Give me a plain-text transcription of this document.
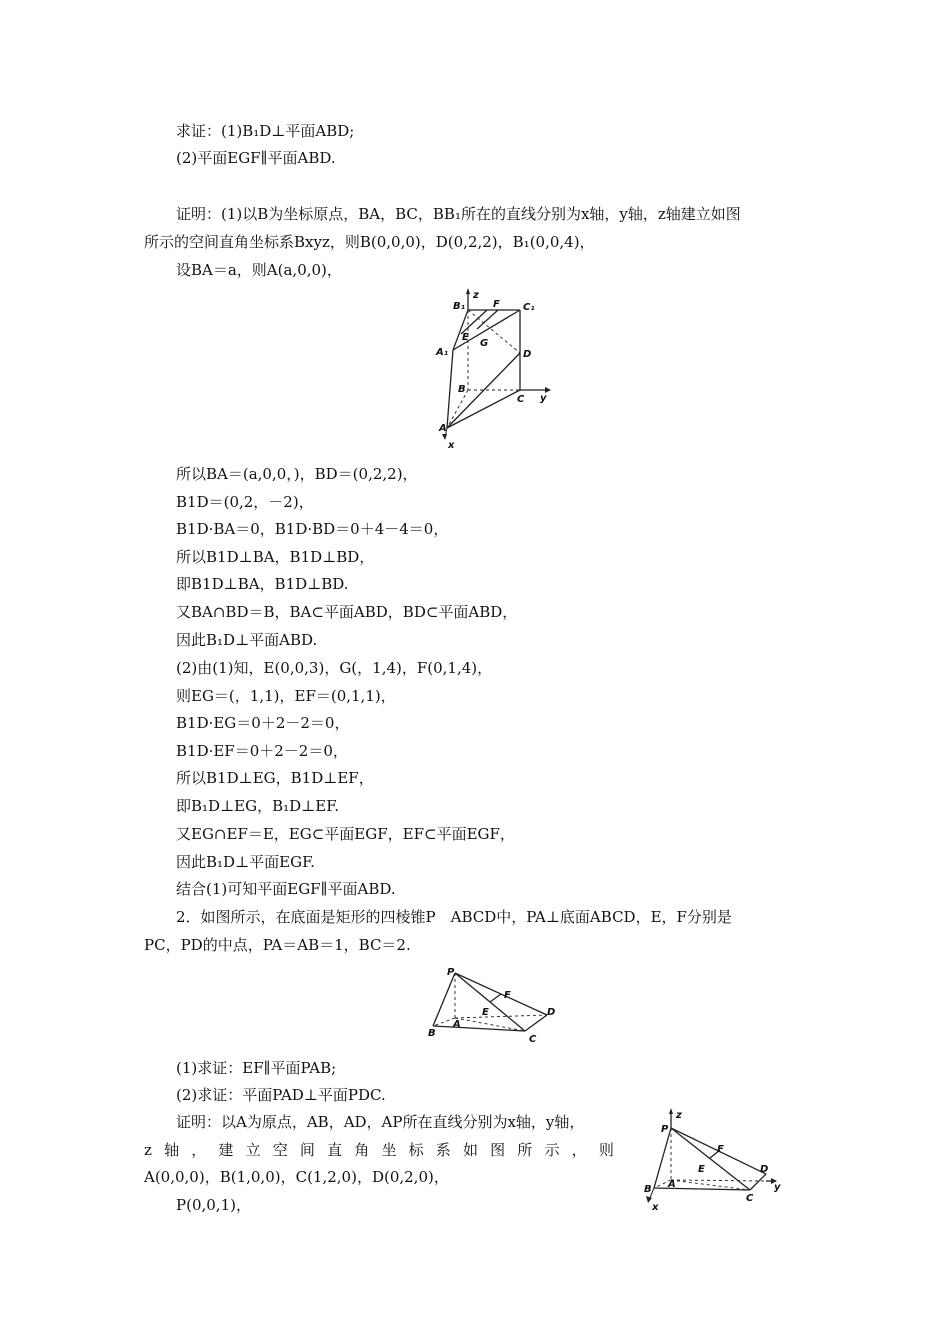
求证：(1)B₁D⊥平面ABD;
(2)平面EGF∥平面ABD.
证明：(1)以B为坐标原点，BA，BC，BB₁所在的直线分别为x轴，y轴，z轴建立如图
所示的空间直角坐标系Bxyz，则B(0,0,0)，D(0,2,2)，B₁(0,0,4)，
设BA＝a，则A(a,0,0)，
B₁
z
F C₁
E
G
A₁	D
B
C y
A
x
所以BA＝(a,0,0，)，BD＝(0,2,2)，
B1D＝(0,2，－2)，
B1D·BA＝0，B1D·BD＝0＋4－4＝0，
所以B1D⊥BA，B1D⊥BD，
即B1D⊥BA，B1D⊥BD.
又BA∩BD＝B，BA⊂平面ABD，BD⊂平面ABD，
因此B₁D⊥平面ABD.
(2)由(1)知，E(0,0,3)，G(，1,4)，F(0,1,4)，
则EG＝(，1,1)，EF＝(0,1,1)，
B1D·EG＝0＋2－2＝0，
B1D·EF＝0＋2－2＝0，
所以B1D⊥EG，B1D⊥EF，
即B₁D⊥EG，B₁D⊥EF.
又EG∩EF＝E，EG⊂平面EGF，EF⊂平面EGF，
因此B₁D⊥平面EGF.
结合(1)可知平面EGF∥平面ABD.
2．如图所示，在底面是矩形的四棱锥P　ABCD中，PA⊥底面ABCD，E，F分别是
PC，PD的中点，PA＝AB＝1，BC＝2.
P
F
E	D
B
A
C
(1)求证：EF∥平面PAB;
(2)求证：平面PAD⊥平面PDC.
证明：以A为原点，AB，AD，AP所在直线分别为x轴，y轴，
z 轴 ， 建 立 空 间 直 角 坐 标 系 如 图 所 示 ， 则
A(0,0,0)，B(1,0,0)，C(1,2,0)，D(0,2,0)，
P(0,0,1)，
z
P
F
E	D
y
B A
C
x
